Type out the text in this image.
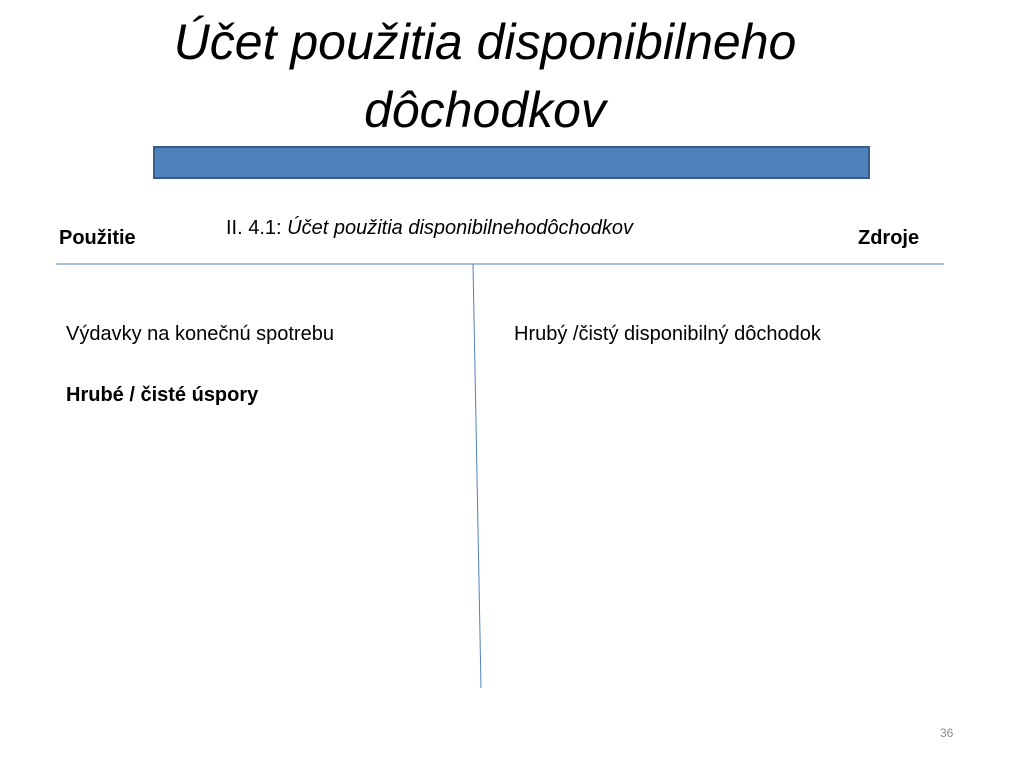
Účet použitia disponibilneho
dôchodkov
II. 4.1: Účet použitia disponibilnehodôchodkov
Použitie	Zdroje
Výdavky na konečnú spotrebu
Hrubé / čisté úspory
Hrubý /čistý disponibilný dôchodok
36
